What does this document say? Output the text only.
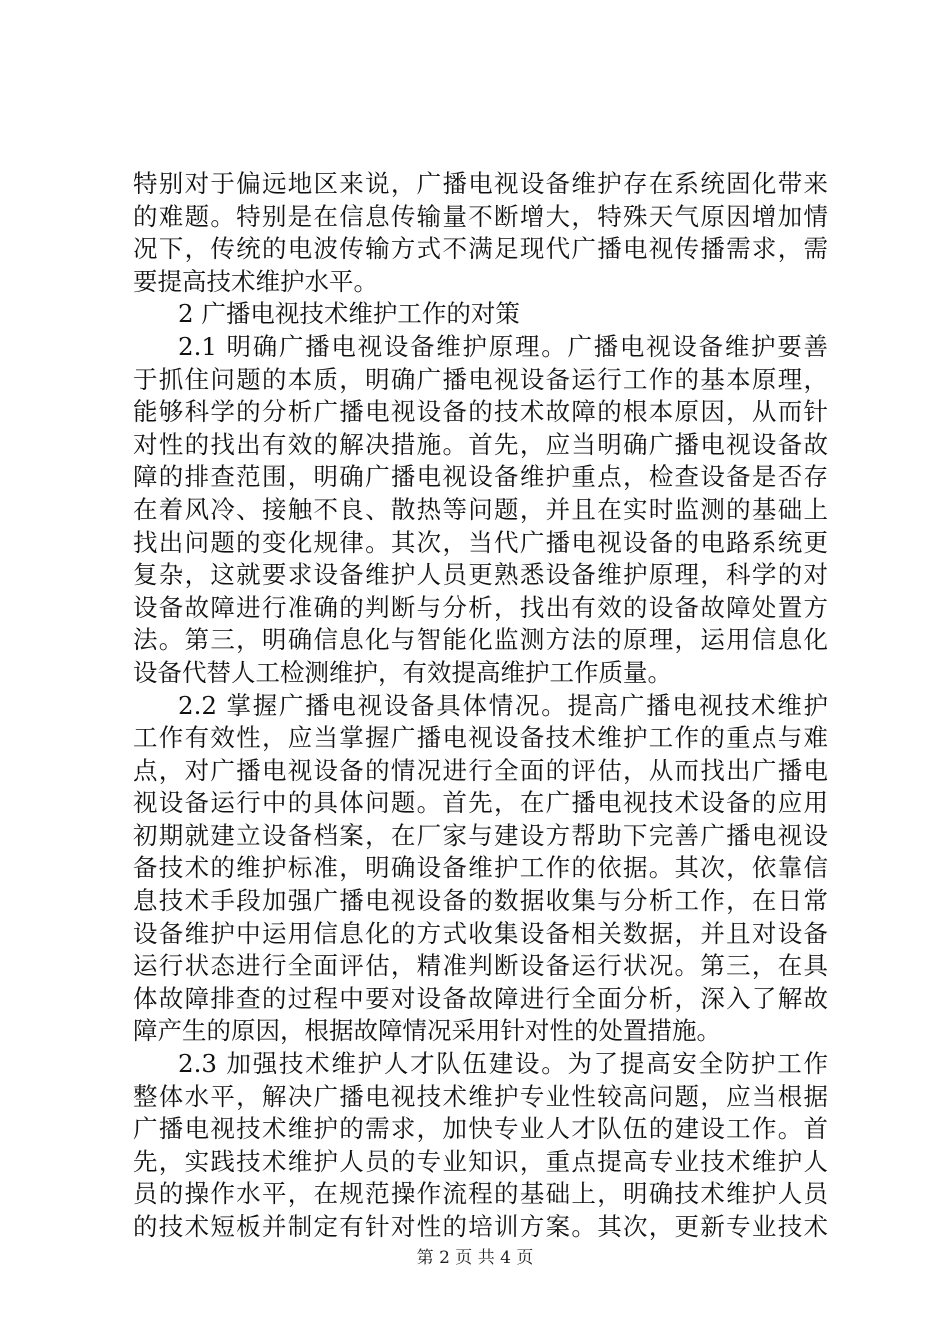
特别对于偏远地区来说，广播电视设备维护存在系统固化带来
的难题。特别是在信息传输量不断增大，特殊天气原因增加情
况下，传统的电波传输方式不满足现代广播电视传播需求，需
要提高技术维护水平。
2 广播电视技术维护工作的对策
2.1 明确广播电视设备维护原理。广播电视设备维护要善
于抓住问题的本质，明确广播电视设备运行工作的基本原理，
能够科学的分析广播电视设备的技术故障的根本原因，从而针
对性的找出有效的解决措施。首先，应当明确广播电视设备故
障的排查范围，明确广播电视设备维护重点，检查设备是否存
在着风冷、接触不良、散热等问题，并且在实时监测的基础上
找出问题的变化规律。其次，当代广播电视设备的电路系统更
复杂，这就要求设备维护人员更熟悉设备维护原理，科学的对
设备故障进行准确的判断与分析，找出有效的设备故障处置方
法。第三，明确信息化与智能化监测方法的原理，运用信息化
设备代替人工检测维护，有效提高维护工作质量。
2.2 掌握广播电视设备具体情况。提高广播电视技术维护
工作有效性，应当掌握广播电视设备技术维护工作的重点与难
点，对广播电视设备的情况进行全面的评估，从而找出广播电
视设备运行中的具体问题。首先，在广播电视技术设备的应用
初期就建立设备档案，在厂家与建设方帮助下完善广播电视设
备技术的维护标准，明确设备维护工作的依据。其次，依靠信
息技术手段加强广播电视设备的数据收集与分析工作，在日常
设备维护中运用信息化的方式收集设备相关数据，并且对设备
运行状态进行全面评估，精准判断设备运行状况。第三，在具
体故障排查的过程中要对设备故障进行全面分析，深入了解故
障产生的原因，根据故障情况采用针对性的处置措施。
2.3 加强技术维护人才队伍建设。为了提高安全防护工作
整体水平，解决广播电视技术维护专业性较高问题，应当根据
广播电视技术维护的需求，加快专业人才队伍的建设工作。首
先，实践技术维护人员的专业知识，重点提高专业技术维护人
员的操作水平，在规范操作流程的基础上，明确技术维护人员
的技术短板并制定有针对性的培训方案。其次，更新专业技术
第 2 页 共 4 页
